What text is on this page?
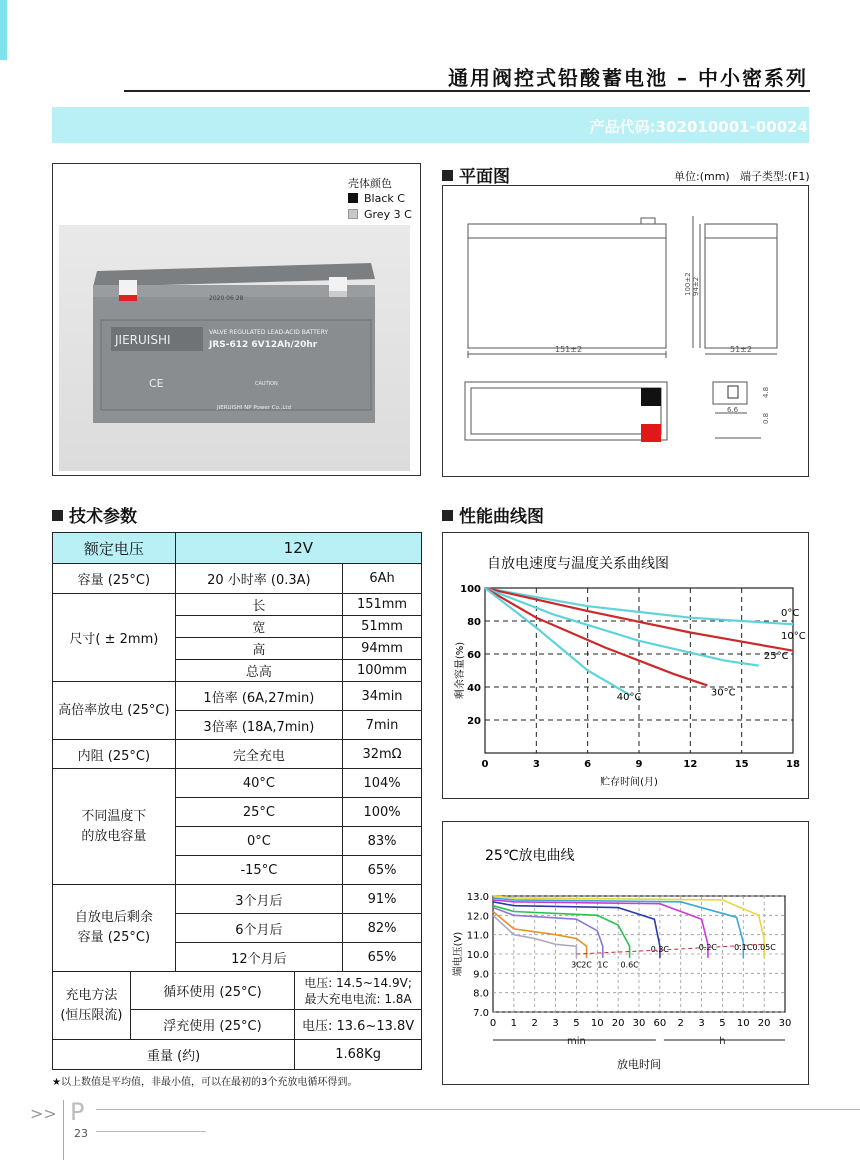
通用阀控式铅酸蓄电池 – 中小密系列
产品代码:302010001-00024
壳体颜色
Black C
Grey 3 C
JIERUISHI
VALVE REGULATED LEAD-ACID BATTERY
JRS-612 6V12Ah/20hr
CAUTION
JIERUISHI NP Power Co.,Ltd
2020 06 28
CE
平面图	单位:(mm) 端子类型:(F1)
151±2	51±2
100±2 94±2
6.6
4.8
0.8
技术参数
额定电压		12V		
容量 (25°C)		20 小时率 (0.3A)		6Ah
尺寸( ± 2mm)		长		151mm
		宽		51mm
		高		94mm
		总高		100mm
高倍率放电 (25°C)		1倍率 (6A,27min)		34min
		3倍率 (18A,7min)		7min
内阻 (25°C)		完全充电		32mΩ
不同温度下的放电容量		40°C		104%
		25°C		100%
		0°C		83%
		-15°C		65%
自放电后剩余容量 (25°C)		3个月后		91%
		6个月后		82%
		12个月后		65%
充电方法 (恒压限流)	循环使用 (25°C)		电压: 14.5~14.9V; 最大充电电流: 1.8A	
	浮充使用 (25°C)		电压: 13.6~13.8V	
重量 (约)			1.68Kg	
★以上数值是平均值，非最小值，可以在最初的3个充放电循环得到。
性能曲线图
自放电速度与温度关系曲线图
20
40
60
80
100
0	3	6	9	12	15	18
贮存时间(月)
剩余容量(%)
0°C
10°C
25°C
30°C
40°C
25℃放电曲线
7.0
8.0
9.0
10.0
11.0
12.0
13.0
0 1 2 3 5 10 20 30 60 2 3 5 10 20 30
min	h
放电时间
端电压(V)	3C 2C 1C 0.6C
0.3C	0.2C 0.1C 0.05C
>> P
23
